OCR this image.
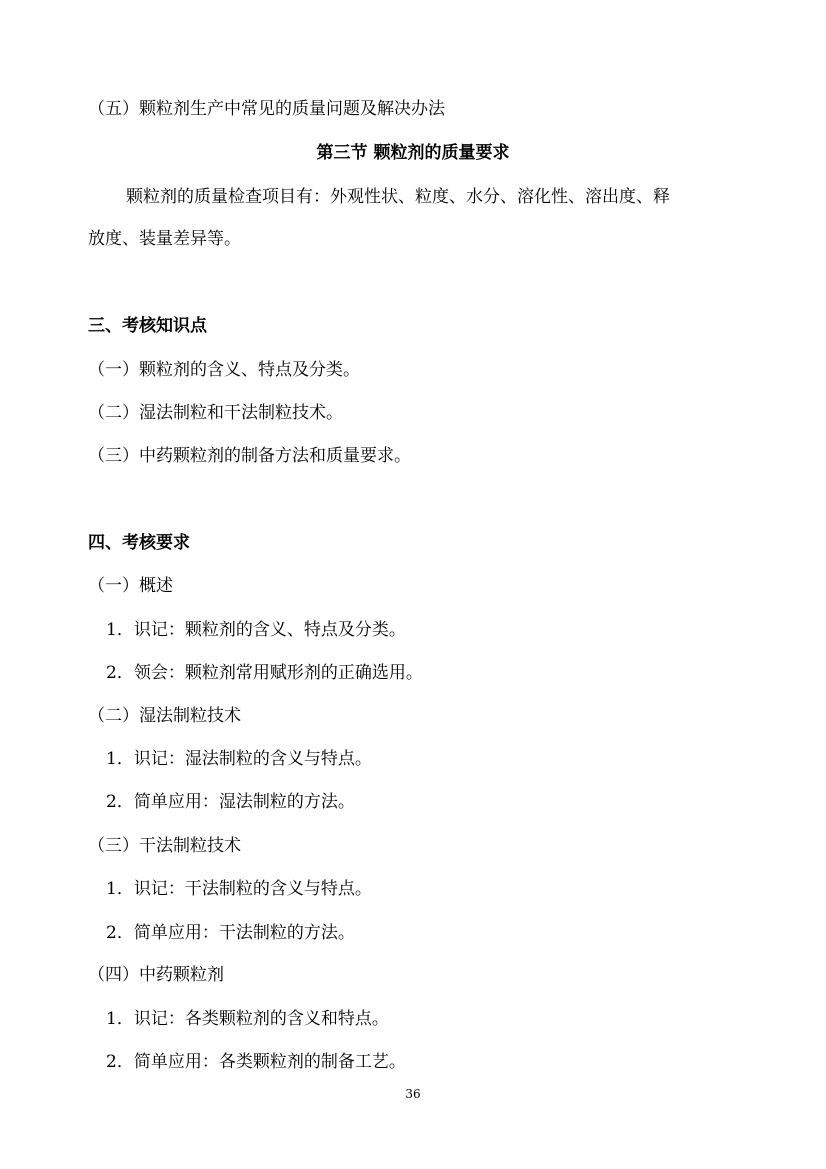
（五）颗粒剂生产中常见的质量问题及解决办法
第三节 颗粒剂的质量要求
颗粒剂的质量检查项目有：外观性状、粒度、水分、溶化性、溶出度、释
放度、装量差异等。
三、考核知识点
（一）颗粒剂的含义、特点及分类。
（二）湿法制粒和干法制粒技术。
（三）中药颗粒剂的制备方法和质量要求。
四、考核要求
（一）概述
1．识记：颗粒剂的含义、特点及分类。
2．领会：颗粒剂常用赋形剂的正确选用。
（二）湿法制粒技术
1．识记：湿法制粒的含义与特点。
2．简单应用：湿法制粒的方法。
（三）干法制粒技术
1．识记：干法制粒的含义与特点。
2．简单应用：干法制粒的方法。
（四）中药颗粒剂
1．识记：各类颗粒剂的含义和特点。
2．简单应用：各类颗粒剂的制备工艺。
36
